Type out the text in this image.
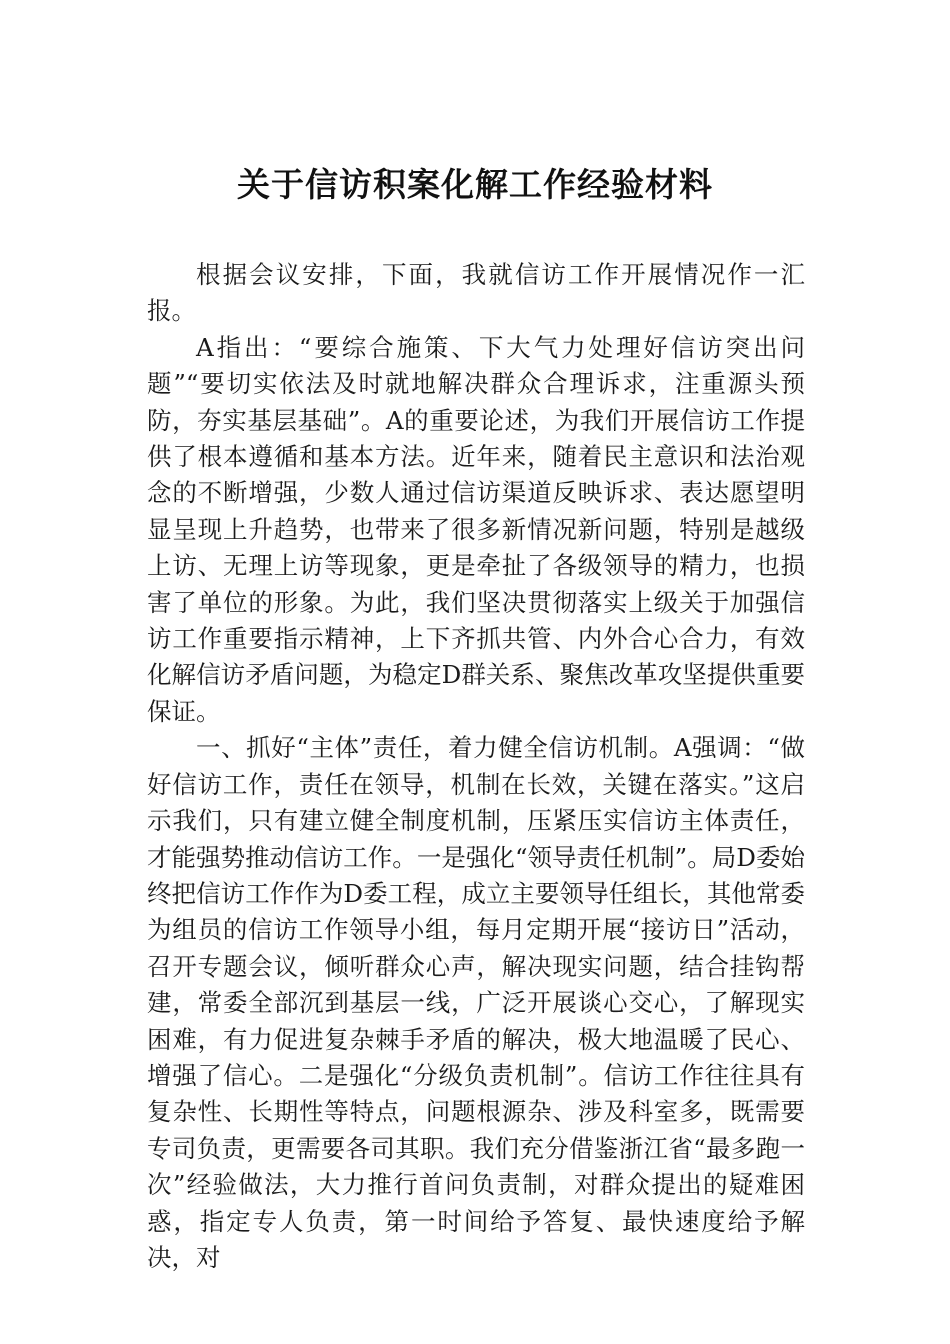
关于信访积案化解工作经验材料

根据会议安排，下面，我就信访工作开展情况作一汇报。

A指出：“要综合施策、下大气力处理好信访突出问题”“要切实依法及时就地解决群众合理诉求，注重源头预防，夯实基层基础”。A的重要论述，为我们开展信访工作提供了根本遵循和基本方法。近年来，随着民主意识和法治观念的不断增强，少数人通过信访渠道反映诉求、表达愿望明显呈现上升趋势，也带来了很多新情况新问题，特别是越级上访、无理上访等现象，更是牵扯了各级领导的精力，也损害了单位的形象。为此，我们坚决贯彻落实上级关于加强信访工作重要指示精神，上下齐抓共管、内外合心合力，有效化解信访矛盾问题，为稳定D群关系、聚焦改革攻坚提供重要保证。

一、抓好“主体”责任，着力健全信访机制。A强调：“做好信访工作，责任在领导，机制在长效，关键在落实。”这启示我们，只有建立健全制度机制，压紧压实信访主体责任，才能强势推动信访工作。一是强化“领导责任机制”。局D委始终把信访工作作为D委工程，成立主要领导任组长，其他常委为组员的信访工作领导小组，每月定期开展“接访日”活动，召开专题会议，倾听群众心声，解决现实问题，结合挂钩帮建，常委全部沉到基层一线，广泛开展谈心交心，了解现实困难，有力促进复杂棘手矛盾的解决，极大地温暖了民心、增强了信心。二是强化“分级负责机制”。信访工作往往具有复杂性、长期性等特点，问题根源杂、涉及科室多，既需要专司负责，更需要各司其职。我们充分借鉴浙江省“最多跑一次”经验做法，大力推行首问负责制，对群众提出的疑难困惑，指定专人负责，第一时间给予答复、最快速度给予解决，对
